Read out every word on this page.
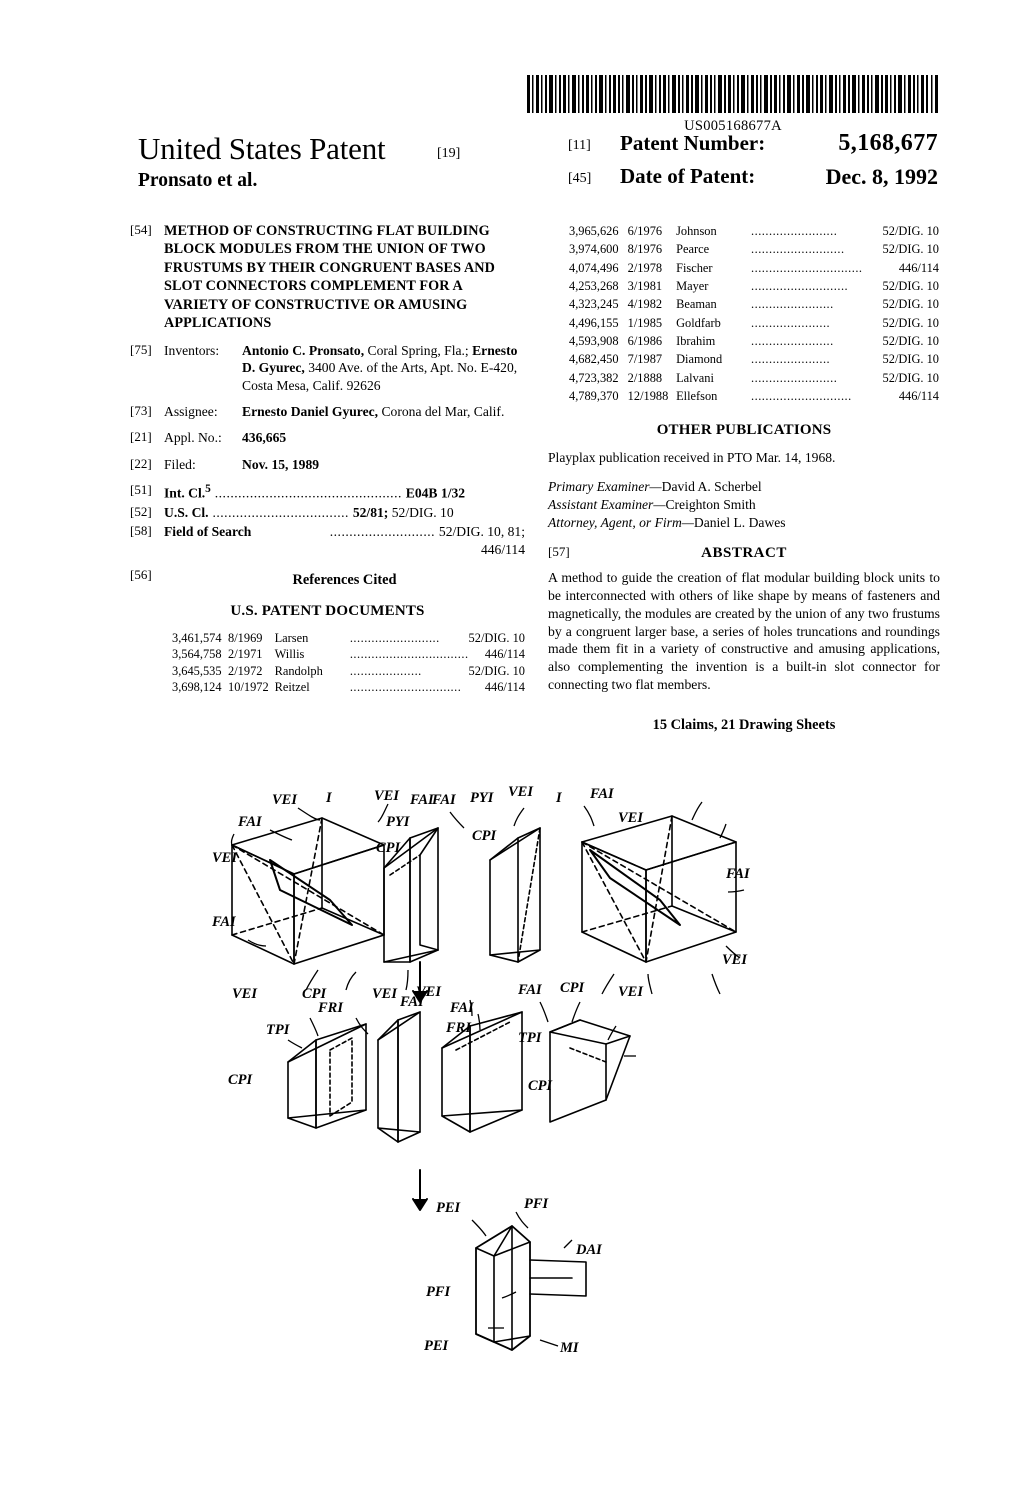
US005168677A
United States Patent	[19]
Pronsato et al.
[11] Patent Number:	5,168,677
[45] Date of Patent:	Dec. 8, 1992
[54] METHOD OF CONSTRUCTING FLAT BUILDING BLOCK MODULES FROM THE UNION OF TWO FRUSTUMS BY THEIR CONGRUENT BASES AND SLOT CONNECTORS COMPLEMENT FOR A VARIETY OF CONSTRUCTIVE OR AMUSING APPLICATIONS
[75] Inventors:	Antonio C. Pronsato, Coral Spring, Fla.; Ernesto D. Gyurec, 3400 Ave. of the Arts, Apt. No. E-420, Costa Mesa, Calif. 92626
[73] Assignee:	Ernesto Daniel Gyurec, Corona del Mar, Calif.
[21] Appl. No.:	436,665
[22] Filed:	Nov. 15, 1989
[51] Int. Cl.$^5$ ................................................ E04B 1/32
[52] U.S. Cl. ................................... 52/81; 52/DIG. 10
[58] Field of Search	........................... 52/DIG. 10, 81;
446/114
[56]	References Cited
U.S. PATENT DOCUMENTS
3,461,574	8/1969	Larsen	.........................	52/DIG. 10
3,564,758	2/1971	Willis	.................................	446/114
3,645,535	2/1972	Randolph	....................	52/DIG. 10
3,698,124	10/1972	Reitzel	...............................	446/114
3,965,626	6/1976	Johnson	........................	52/DIG. 10
3,974,600	8/1976	Pearce	..........................	52/DIG. 10
4,074,496	2/1978	Fischer	...............................	446/114
4,253,268	3/1981	Mayer	...........................	52/DIG. 10
4,323,245	4/1982	Beaman	.......................	52/DIG. 10
4,496,155	1/1985	Goldfarb	......................	52/DIG. 10
4,593,908	6/1986	Ibrahim	.......................	52/DIG. 10
4,682,450	7/1987	Diamond	......................	52/DIG. 10
4,723,382	2/1888	Lalvani	........................	52/DIG. 10
4,789,370	12/1988	Ellefson	............................	446/114
OTHER PUBLICATIONS
Playplax publication received in PTO Mar. 14, 1968.
Primary Examiner—David A. Scherbel
Assistant Examiner—Creighton Smith
Attorney, Agent, or Firm—Daniel L. Dawes
[57]	ABSTRACT
A method to guide the creation of flat modular building block units to be interconnected with others of like shape by means of fasteners and magnetically, the modules are created by the union of any two frustums by a congruent larger base, a series of holes truncations and roundings made them fit in a variety of constructive and amusing applications, also complementing the invention is a built-in slot connector for connecting two flat members.
15 Claims, 21 Drawing Sheets
VEI I	VEI
FAI
VEI
FAI
VEI	CPI	VEI
FAI
PYI
CPI
FAI PYI
CPI
I FAI
VEI
VEI
FAI
VEI
VEI
FAI
FAI CPI VEI
FRI
TPI
CPI
FAI
FRI
TPI
CPI
PEI	PFI
DAI
PFI
PEI	MI
